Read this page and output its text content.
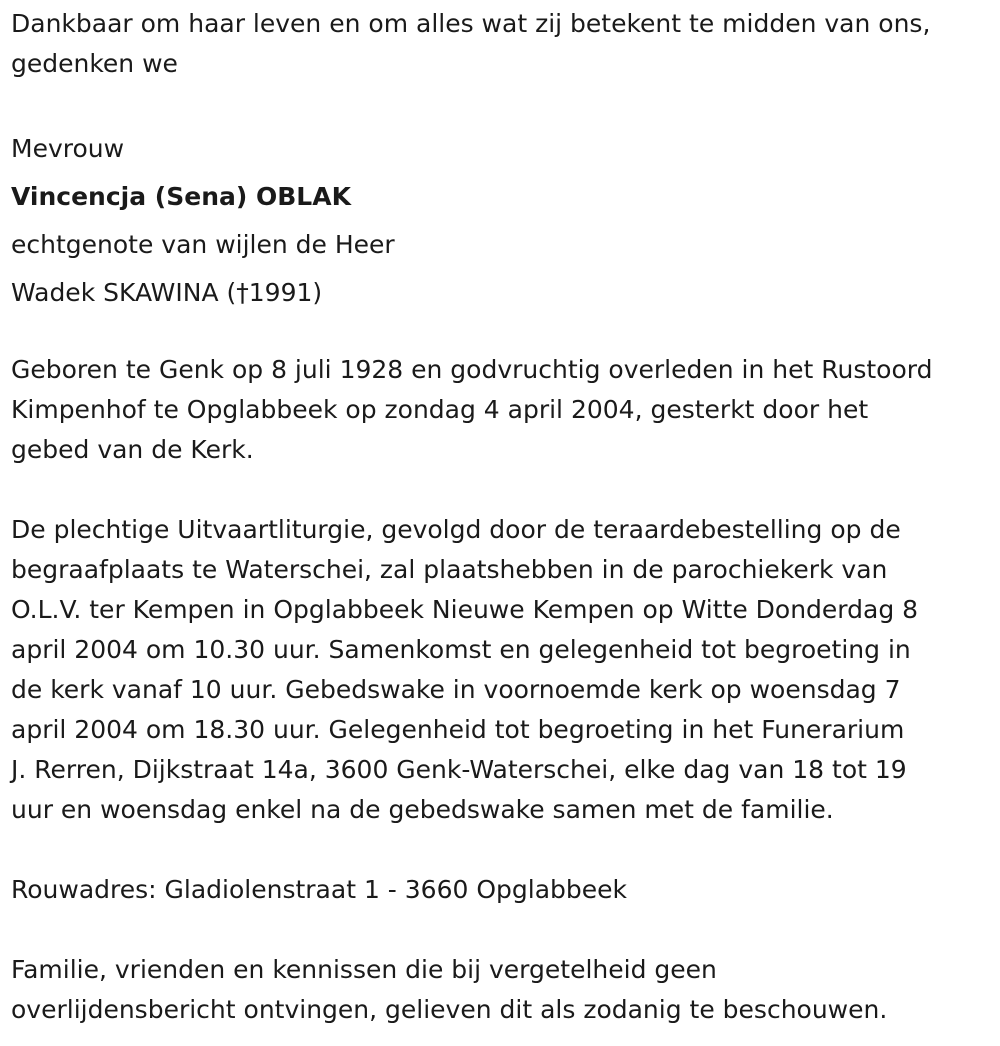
Dankbaar om haar leven en om alles wat zij betekent te midden van ons,
gedenken we
Mevrouw
Vincencja (Sena) OBLAK
echtgenote van wijlen de Heer
Wadek SKAWINA (†1991)
Geboren te Genk op 8 juli 1928 en godvruchtig overleden in het Rustoord
Kimpenhof te Opglabbeek op zondag 4 april 2004, gesterkt door het
gebed van de Kerk.
De plechtige Uitvaartliturgie, gevolgd door de teraardebestelling op de
begraafplaats te Waterschei, zal plaatshebben in de parochiekerk van
O.L.V. ter Kempen in Opglabbeek Nieuwe Kempen op Witte Donderdag 8
april 2004 om 10.30 uur. Samenkomst en gelegenheid tot begroeting in
de kerk vanaf 10 uur. Gebedswake in voornoemde kerk op woensdag 7
april 2004 om 18.30 uur. Gelegenheid tot begroeting in het Funerarium
J. Rerren, Dijkstraat 14a, 3600 Genk-Waterschei, elke dag van 18 tot 19
uur en woensdag enkel na de gebedswake samen met de familie.
Rouwadres: Gladiolenstraat 1 - 3660 Opglabbeek
Familie, vrienden en kennissen die bij vergetelheid geen
overlijdensbericht ontvingen, gelieven dit als zodanig te beschouwen.
